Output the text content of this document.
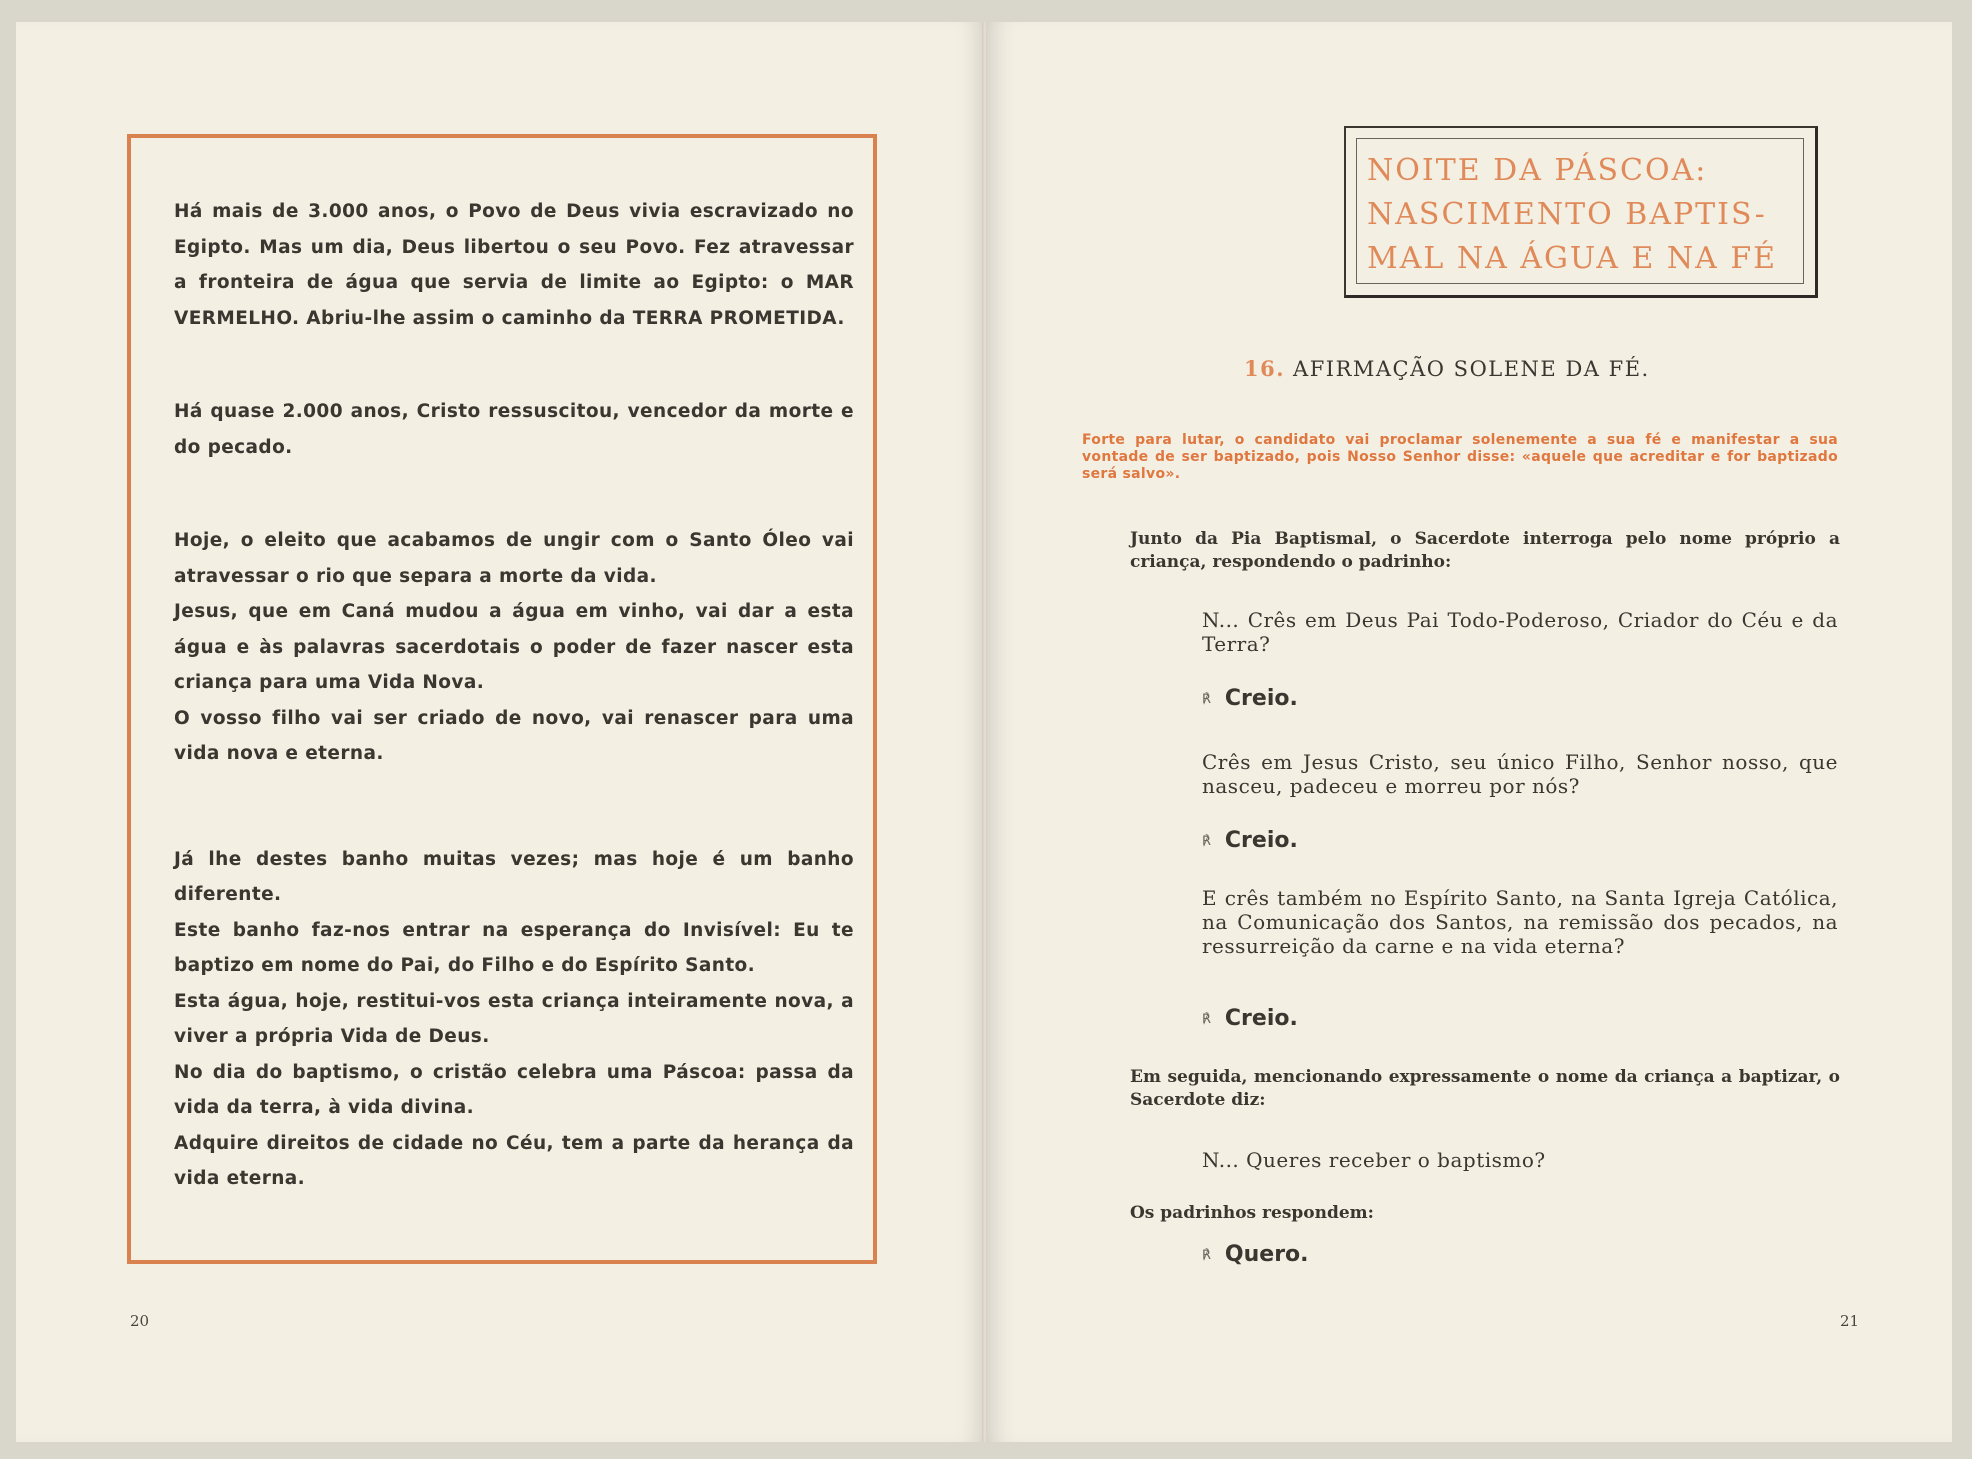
Há mais de 3.000 anos, o Povo de Deus vivia escravizado no Egipto. Mas um dia, Deus libertou o seu Povo. Fez atravessar a fronteira de água que servia de limite ao Egipto: o MAR VERMELHO. Abriu-lhe assim o caminho da TERRA PROMETIDA.

Há quase 2.000 anos, Cristo ressuscitou, vencedor da morte e do pecado.

Hoje, o eleito que acabamos de ungir com o Santo Óleo vai atravessar o rio que separa a morte da vida.

Jesus, que em Caná mudou a água em vinho, vai dar a esta água e às palavras sacerdotais o poder de fazer nascer esta criança para uma Vida Nova.

O vosso filho vai ser criado de novo, vai renascer para uma vida nova e eterna.

Já lhe destes banho muitas vezes; mas hoje é um banho diferente.

Este banho faz-nos entrar na esperança do Invisível: Eu te baptizo em nome do Pai, do Filho e do Espírito Santo.

Esta água, hoje, restitui-vos esta criança inteiramente nova, a viver a própria Vida de Deus.

No dia do baptismo, o cristão celebra uma Páscoa: passa da vida da terra, à vida divina.

Adquire direitos de cidade no Céu, tem a parte da herança da vida eterna.

20
NOITE DA PÁSCOA:
NASCIMENTO BAPTIS-
MAL NA ÁGUA E NA FÉ
16. AFIRMAÇÃO SOLENE DA FÉ.
Forte para lutar, o candidato vai proclamar solenemente a sua fé e manifestar a sua vontade de ser baptizado, pois Nosso Senhor disse: «aquele que acreditar e for baptizado será salvo».
Junto da Pia Baptismal, o Sacerdote interroga pelo nome próprio a criança, respondendo o padrinho:
N... Crês em Deus Pai Todo-Poderoso, Criador do Céu e da Terra?
℟ Creio.
Crês em Jesus Cristo, seu único Filho, Senhor nosso, que nasceu, padeceu e morreu por nós?
℟ Creio.
E crês também no Espírito Santo, na Santa Igreja Católica, na Comunicação dos Santos, na remissão dos pecados, na ressurreição da carne e na vida eterna?
℟ Creio.
Em seguida, mencionando expressamente o nome da criança a baptizar, o Sacerdote diz:
N... Queres receber o baptismo?
Os padrinhos respondem:
℟ Quero.
21
